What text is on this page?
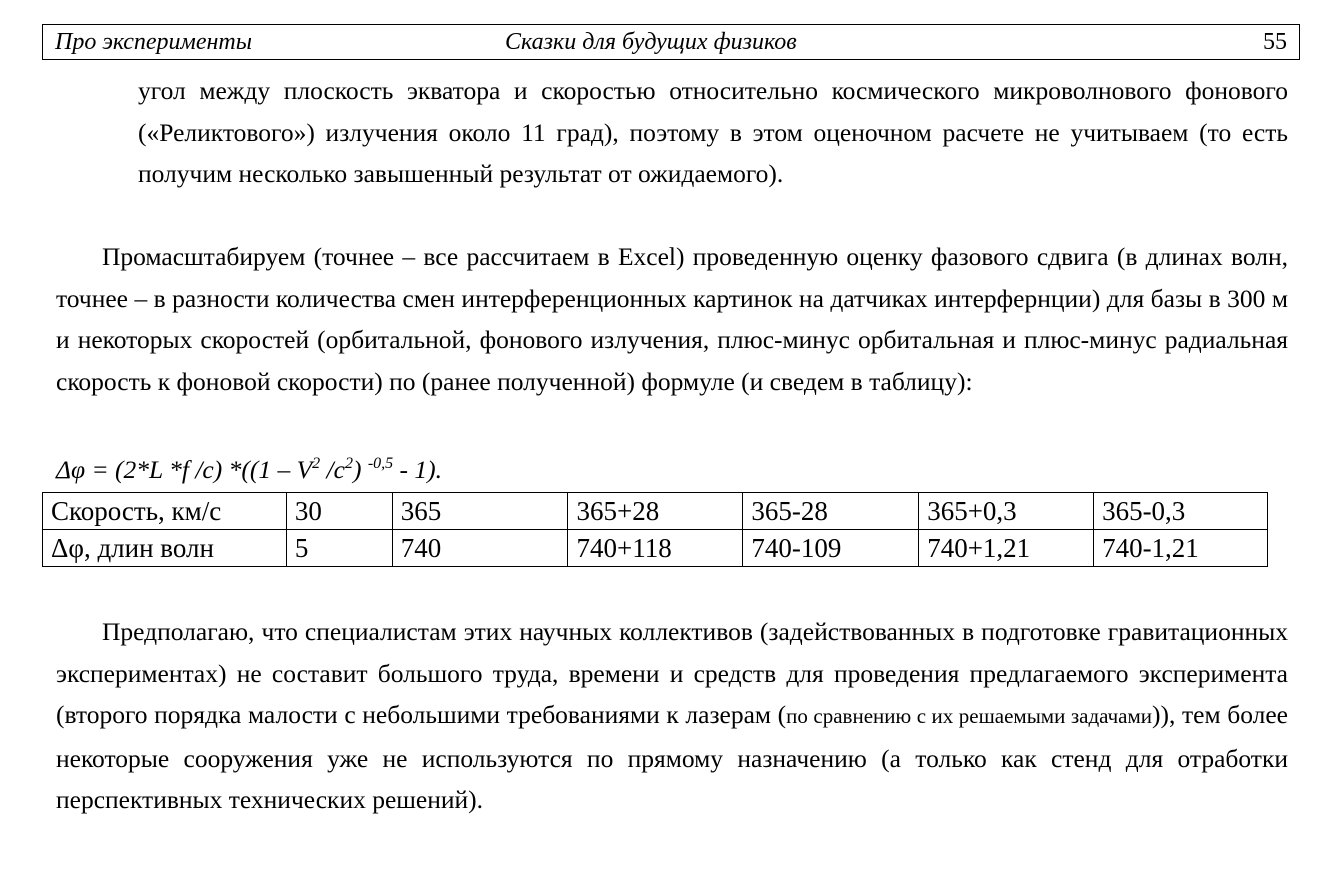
Про эксперименты	Сказки для будущих физиков	55
угол между плоскость экватора и скоростью относительно космического микроволнового фонового («Реликтового») излучения около 11 град), поэтому в этом оценочном расчете не учитываем (то есть получим несколько завышенный результат от ожидаемого).
Промасштабируем (точнее – все рассчитаем в Excel) проведенную оценку фазового сдвига (в длинах волн, точнее – в разности количества смен интерференционных картинок на датчиках интерфернции) для базы в 300 м и некоторых скоростей (орбитальной, фонового излучения, плюс-минус орбитальная и плюс-минус радиальная скорость к фоновой скорости) по (ранее полученной) формуле (и сведем в таблицу):
Δφ = (2*L *f /c) $*((1 - V^2$ $/c^2$) $^{-0,5}$ - 1).
Скорость, км/с	30	365	365+28	365-28	365+0,3	365-0,3
Δφ, длин волн	5	740	740+118	740-109	740+1,21	740-1,21
Предполагаю, что специалистам этих научных коллективов (задействованных в подготовке гравитационных экспериментах) не составит большого труда, времени и средств для проведения предлагаемого эксперимента (второго порядка малости с небольшими требованиями к лазерам (по сравнению с их решаемыми задачами)), тем более некоторые сооружения уже не используются по прямому назначению (а только как стенд для отработки перспективных технических решений).
